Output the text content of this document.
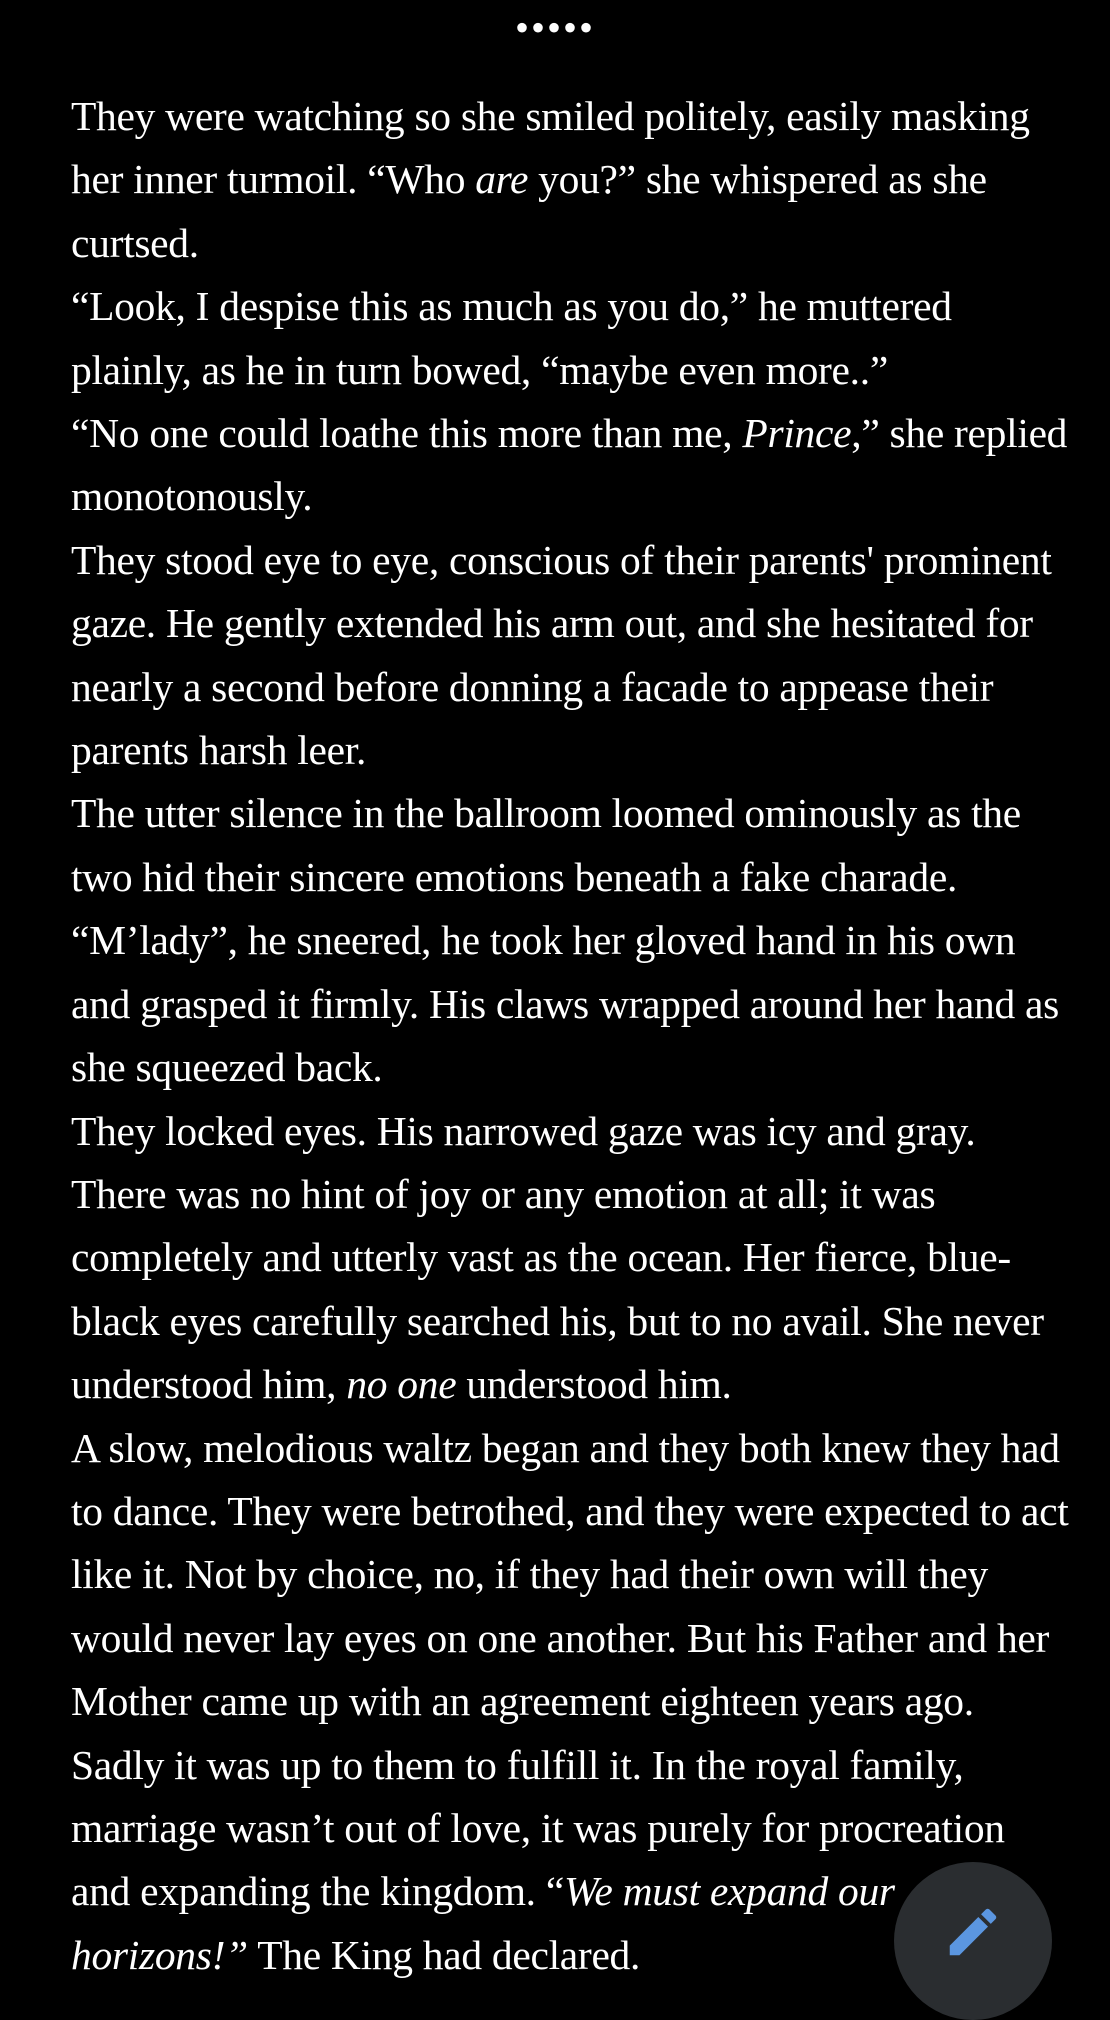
•••••

They were watching so she smiled politely, easily masking her inner turmoil. “Who are you?” she whispered as she curtsed.

“Look, I despise this as much as you do,” he muttered plainly, as he in turn bowed, “maybe even more..”

“No one could loathe this more than me, Prince,” she replied monotonously.

They stood eye to eye, conscious of their parents' prominent gaze. He gently extended his arm out, and she hesitated for nearly a second before donning a facade to appease their parents harsh leer.

The utter silence in the ballroom loomed ominously as the two hid their sincere emotions beneath a fake charade.

“M’lady”, he sneered, he took her gloved hand in his own and grasped it firmly. His claws wrapped around her hand as she squeezed back.

They locked eyes. His narrowed gaze was icy and gray. There was no hint of joy or any emotion at all; it was completely and utterly vast as the ocean. Her fierce, blue-black eyes carefully searched his, but to no avail. She never understood him, no one understood him.

A slow, melodious waltz began and they both knew they had to dance. They were betrothed, and they were expected to act like it. Not by choice, no, if they had their own will they would never lay eyes on one another. But his Father and her Mother came up with an agreement eighteen years ago. Sadly it was up to them to fulfill it. In the royal family, marriage wasn’t out of love, it was purely for procreation and expanding the kingdom. “We must expand our horizons!” The King had declared.
